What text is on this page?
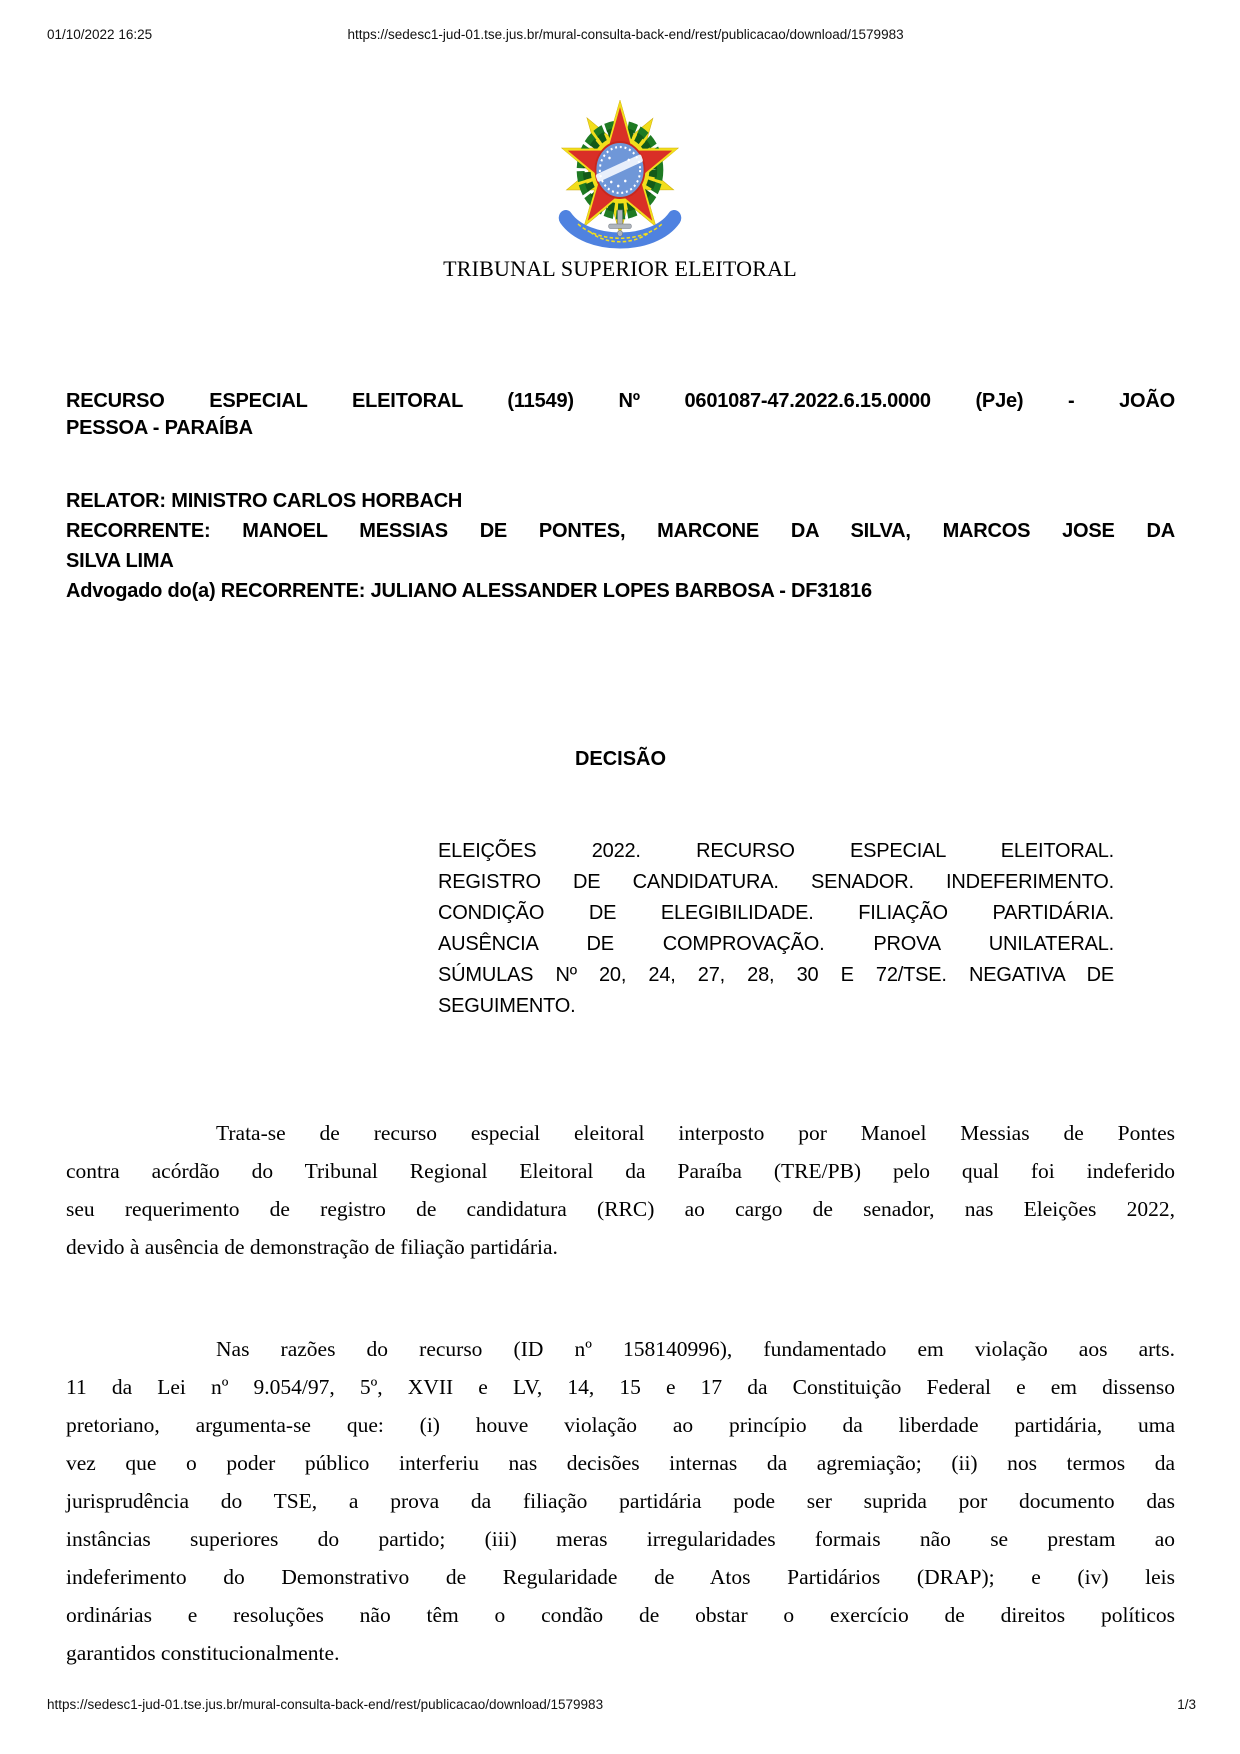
01/10/2022 16:25	https://sedesc1-jud-01.tse.jus.br/mural-consulta-back-end/rest/publicacao/download/1579983
TRIBUNAL SUPERIOR ELEITORAL
RECURSO ESPECIAL ELEITORAL (11549) Nº 0601087-47.2022.6.15.0000 (PJe) - JOÃO
PESSOA - PARAÍBA
RELATOR: MINISTRO CARLOS HORBACH
RECORRENTE: MANOEL MESSIAS DE PONTES, MARCONE DA SILVA, MARCOS JOSE DA
SILVA LIMA
Advogado do(a) RECORRENTE: JULIANO ALESSANDER LOPES BARBOSA - DF31816
DECISÃO
ELEIÇÕES 2022. RECURSO ESPECIAL ELEITORAL.
REGISTRO DE CANDIDATURA. SENADOR. INDEFERIMENTO.
CONDIÇÃO DE ELEGIBILIDADE. FILIAÇÃO PARTIDÁRIA.
AUSÊNCIA DE COMPROVAÇÃO. PROVA UNILATERAL.
SÚMULAS Nº 20, 24, 27, 28, 30 E 72/TSE. NEGATIVA DE
SEGUIMENTO.
Trata-se de recurso especial eleitoral interposto por Manoel Messias de Pontes
contra acórdão do Tribunal Regional Eleitoral da Paraíba (TRE/PB) pelo qual foi indeferido
seu requerimento de registro de candidatura (RRC) ao cargo de senador, nas Eleições 2022,
devido à ausência de demonstração de filiação partidária.
Nas razões do recurso (ID nº 158140996), fundamentado em violação aos arts.
11 da Lei nº 9.054/97, 5º, XVII e LV, 14, 15 e 17 da Constituição Federal e em dissenso
pretoriano, argumenta-se que: (i) houve violação ao princípio da liberdade partidária, uma
vez que o poder público interferiu nas decisões internas da agremiação; (ii) nos termos da
jurisprudência do TSE, a prova da filiação partidária pode ser suprida por documento das
instâncias superiores do partido; (iii) meras irregularidades formais não se prestam ao
indeferimento do Demonstrativo de Regularidade de Atos Partidários (DRAP); e (iv) leis
ordinárias e resoluções não têm o condão de obstar o exercício de direitos políticos
garantidos constitucionalmente.
https://sedesc1-jud-01.tse.jus.br/mural-consulta-back-end/rest/publicacao/download/1579983	1/3
